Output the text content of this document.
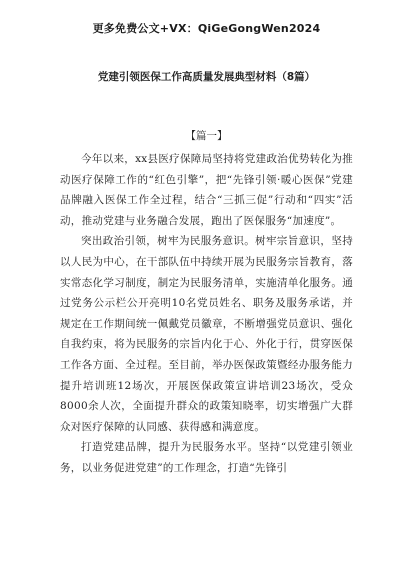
更多免费公文+VX：QiGeGongWen2024
党建引领医保工作高质量发展典型材料（8篇）
【篇一】

今年以来，xx县医疗保障局坚持将党建政治优势转化为推动医疗保障工作的“红色引擎”，把“先锋引领·暖心医保”党建品牌融入医保工作全过程，结合“三抓三促”行动和“四实”活动，推动党建与业务融合发展，跑出了医保服务“加速度”。

突出政治引领，树牢为民服务意识。树牢宗旨意识，坚持以人民为中心，在干部队伍中持续开展为民服务宗旨教育，落实常态化学习制度，制定为民服务清单，实施清单化服务。通过党务公示栏公开亮明10名党员姓名、职务及服务承诺，并规定在工作期间统一佩戴党员徽章，不断增强党员意识、强化自我约束，将为民服务的宗旨内化于心、外化于行，贯穿医保工作各方面、全过程。至目前，举办医保政策暨经办服务能力提升培训班12场次，开展医保政策宣讲培训23场次，受众8000余人次，全面提升群众的政策知晓率，切实增强广大群众对医疗保障的认同感、获得感和满意度。

打造党建品牌，提升为民服务水平。坚持“以党建引领业务，以业务促进党建”的工作理念，打造“先锋引
